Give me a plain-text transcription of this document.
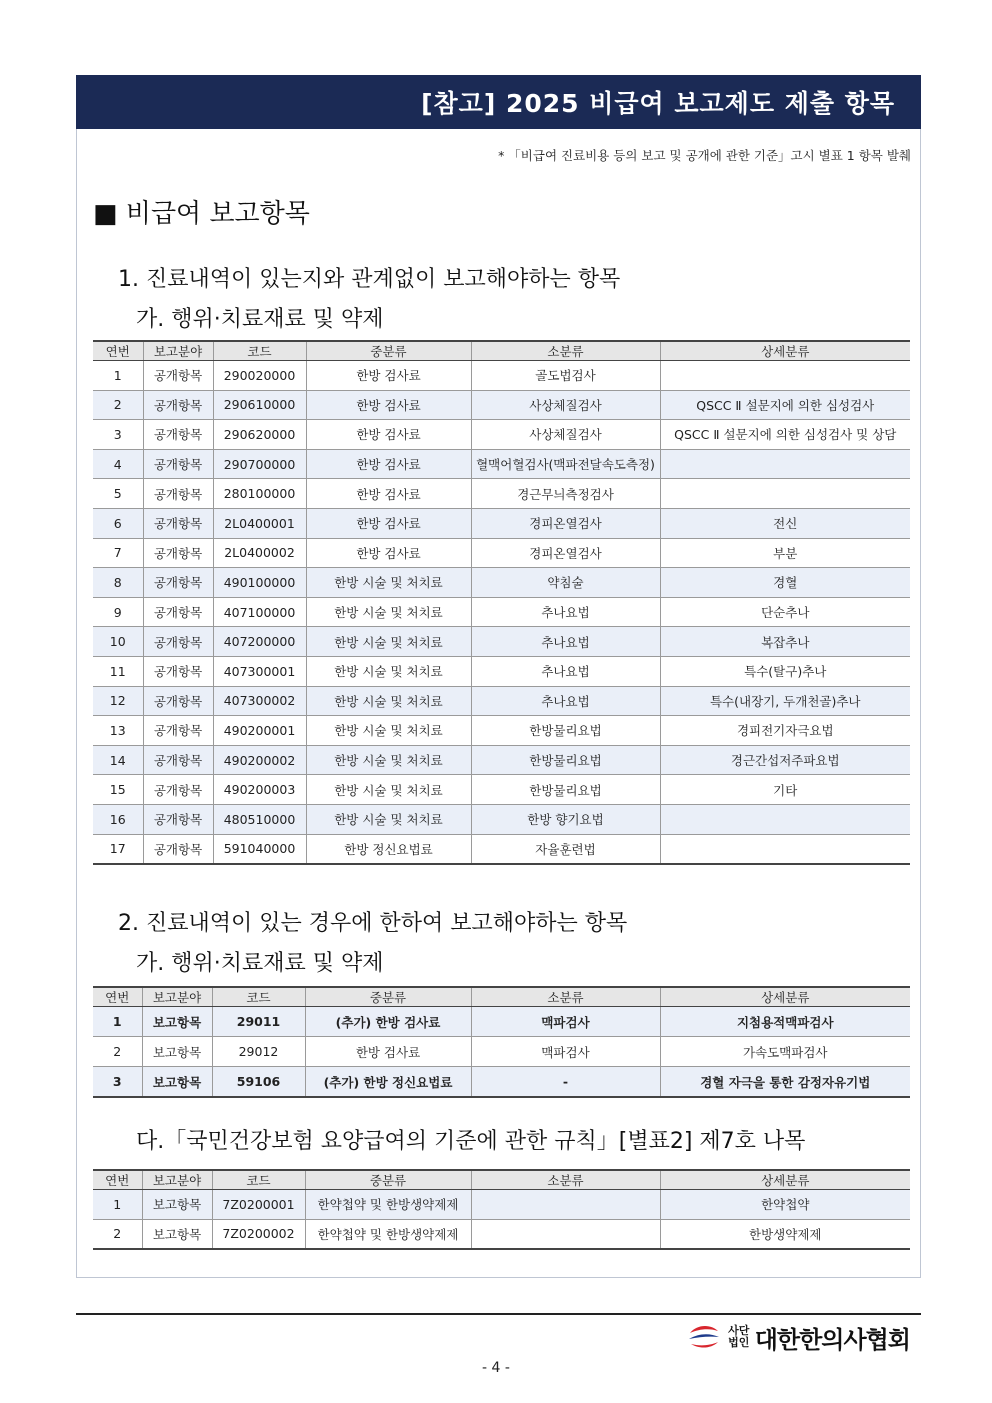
[참고] 2025 비급여 보고제도 제출 항목
* 「비급여 진료비용 등의 보고 및 공개에 관한 기준」고시 별표 1 항목 발췌
■ 비급여 보고항목
1. 진료내역이 있는지와 관계없이 보고해야하는 항목
가. 행위·치료재료 및 약제
연번	보고분야	코드	중분류	소분류	상세분류
1	공개항목	290020000	한방 검사료	골도법검사	
2	공개항목	290610000	한방 검사료	사상체질검사	QSCC Ⅱ 설문지에 의한 심성검사
3	공개항목	290620000	한방 검사료	사상체질검사	QSCC Ⅱ 설문지에 의한 심성검사 및 상담
4	공개항목	290700000	한방 검사료	혈맥어혈검사(맥파전달속도측정)	
5	공개항목	280100000	한방 검사료	경근무늬측정검사	
6	공개항목	2L0400001	한방 검사료	경피온열검사	전신
7	공개항목	2L0400002	한방 검사료	경피온열검사	부분
8	공개항목	490100000	한방 시술 및 처치료	약침술	경혈
9	공개항목	407100000	한방 시술 및 처치료	추나요법	단순추나
10	공개항목	407200000	한방 시술 및 처치료	추나요법	복잡추나
11	공개항목	407300001	한방 시술 및 처치료	추나요법	특수(탈구)추나
12	공개항목	407300002	한방 시술 및 처치료	추나요법	특수(내장기, 두개천골)추나
13	공개항목	490200001	한방 시술 및 처치료	한방물리요법	경피전기자극요법
14	공개항목	490200002	한방 시술 및 처치료	한방물리요법	경근간섭저주파요법
15	공개항목	490200003	한방 시술 및 처치료	한방물리요법	기타
16	공개항목	480510000	한방 시술 및 처치료	한방 향기요법	
17	공개항목	591040000	한방 정신요법료	자율훈련법	
2. 진료내역이 있는 경우에 한하여 보고해야하는 항목
가. 행위·치료재료 및 약제
연번	보고분야	코드	중분류	소분류	상세분류
1	보고항목	29011	(추가) 한방 검사료	맥파검사	지첨용적맥파검사
2	보고항목	29012	한방 검사료	맥파검사	가속도맥파검사
3	보고항목	59106	(추가) 한방 정신요법료	-	경혈 자극을 통한 감정자유기법
다.「국민건강보험 요양급여의 기준에 관한 규칙」[별표2] 제7호 나목
연번	보고분야	코드	중분류	소분류	상세분류
1	보고항목	7Z0200001	한약첩약 및 한방생약제제		한약첩약
2	보고항목	7Z0200002	한약첩약 및 한방생약제제		한방생약제제
사단
법인 대한한의사협회
- 4 -
